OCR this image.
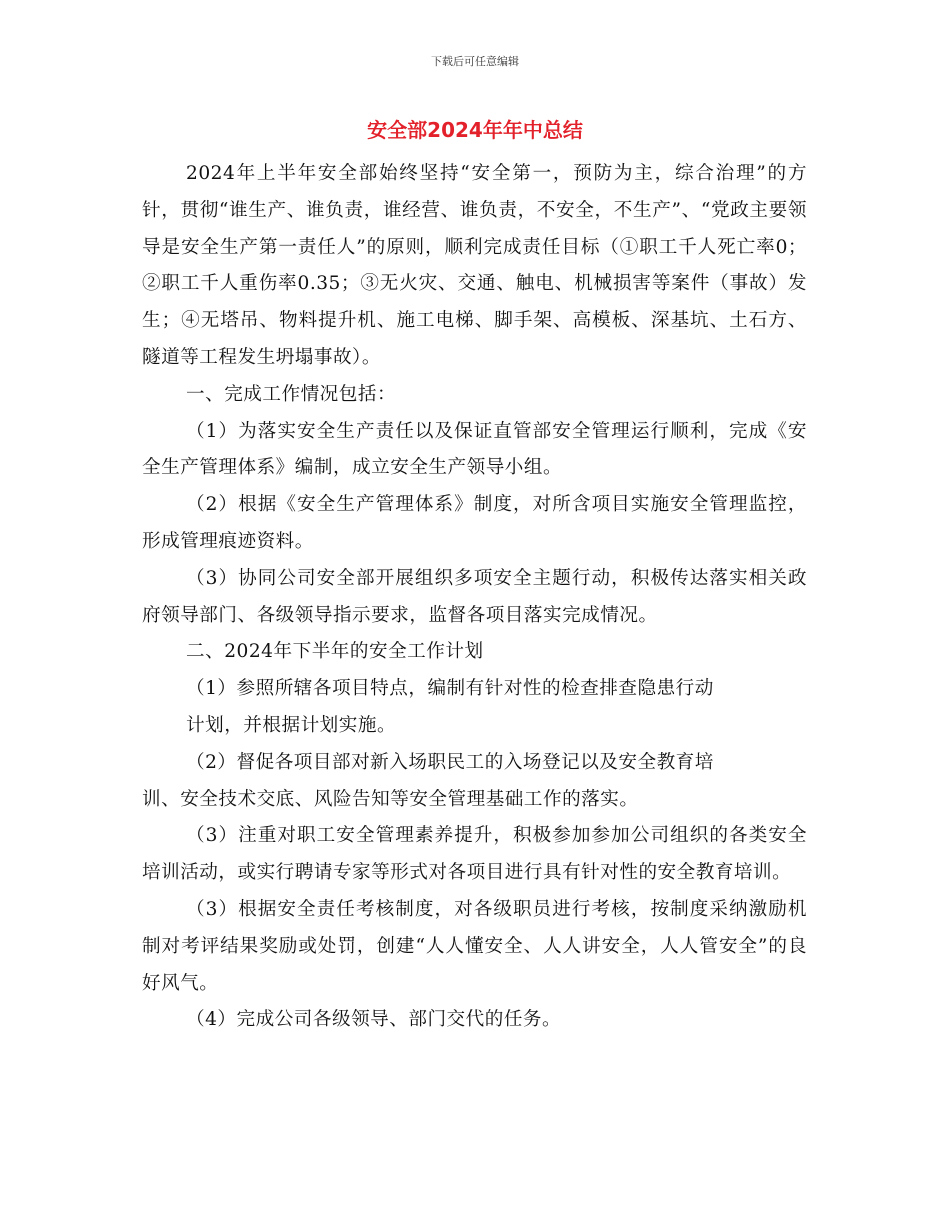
下载后可任意编辑
安全部2024年年中总结

2024年上半年安全部始终坚持“安全第一，预防为主，综合治理”的方针，贯彻“谁生产、谁负责，谁经营、谁负责，不安全，不生产”、“党政主要领导是安全生产第一责任人”的原则，顺利完成责任目标（①职工千人死亡率0；②职工千人重伤率0.35；③无火灾、交通、触电、机械损害等案件（事故）发生；④无塔吊、物料提升机、施工电梯、脚手架、高模板、深基坑、土石方、隧道等工程发生坍塌事故）。

一、完成工作情况包括：

（1）为落实安全生产责任以及保证直管部安全管理运行顺利，完成《安全生产管理体系》编制，成立安全生产领导小组。

（2）根据《安全生产管理体系》制度，对所含项目实施安全管理监控，形成管理痕迹资料。

（3）协同公司安全部开展组织多项安全主题行动，积极传达落实相关政府领导部门、各级领导指示要求，监督各项目落实完成情况。

二、2024年下半年的安全工作计划

（1）参照所辖各项目特点，编制有针对性的检查排查隐患行动
计划，并根据计划实施。
（2）督促各项目部对新入场职民工的入场登记以及安全教育培
训、安全技术交底、风险告知等安全管理基础工作的落实。

（3）注重对职工安全管理素养提升，积极参加参加公司组织的各类安全培训活动，或实行聘请专家等形式对各项目进行具有针对性的安全教育培训。

（3）根据安全责任考核制度，对各级职员进行考核，按制度采纳激励机制对考评结果奖励或处罚，创建“人人懂安全、人人讲安全，人人管安全”的良好风气。

（4）完成公司各级领导、部门交代的任务。
